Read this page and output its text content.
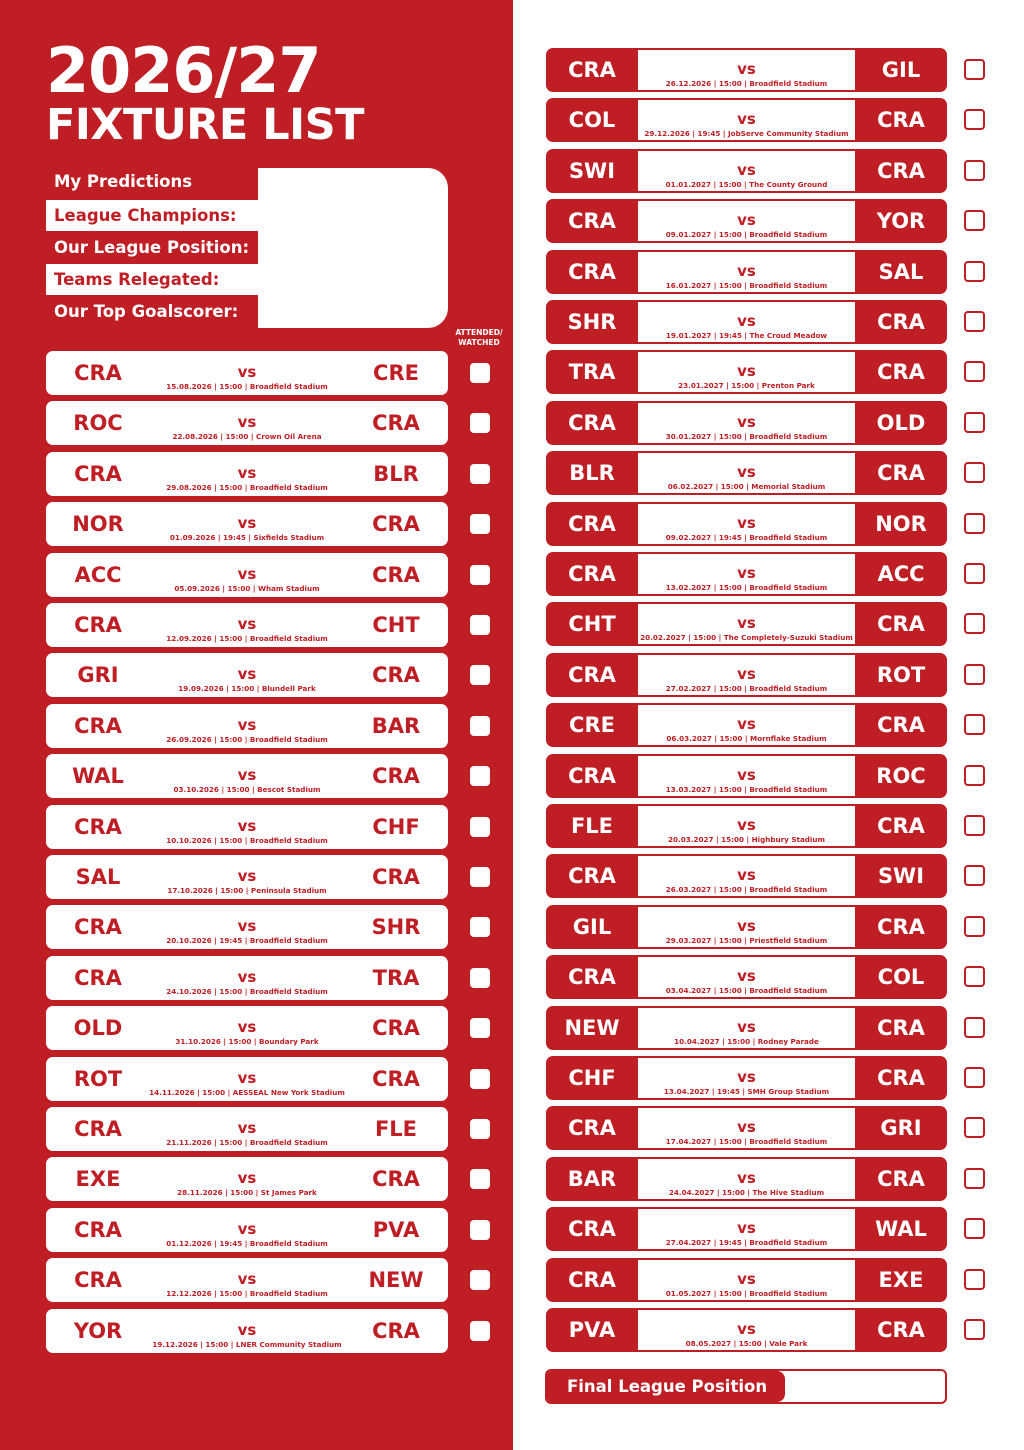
2026/27
FIXTURE LIST
My Predictions
League Champions:
Our League Position:
Teams Relegated:
Our Top Goalscorer:
ATTENDED/ WATCHED
CRA	vs
15.08.2026 | 15:00 | Broadfield Stadium
CRE
ROC	vs
22.08.2026 | 15:00 | Crown Oil Arena
CRA
CRA	vs
29.08.2026 | 15:00 | Broadfield Stadium
BLR
NOR	vs
01.09.2026 | 19:45 | Sixfields Stadium
CRA
ACC	vs
05.09.2026 | 15:00 | Wham Stadium
CRA
CRA	vs
12.09.2026 | 15:00 | Broadfield Stadium
CHT
GRI	vs
19.09.2026 | 15:00 | Blundell Park
CRA
CRA	vs
26.09.2026 | 15:00 | Broadfield Stadium
BAR
WAL	vs
03.10.2026 | 15:00 | Bescot Stadium
CRA
CRA	vs
10.10.2026 | 15:00 | Broadfield Stadium
CHF
SAL	vs
17.10.2026 | 15:00 | Peninsula Stadium
CRA
CRA	vs
20.10.2026 | 19:45 | Broadfield Stadium
SHR
CRA	vs
24.10.2026 | 15:00 | Broadfield Stadium
TRA
OLD	vs
31.10.2026 | 15:00 | Boundary Park
CRA
ROT	vs
14.11.2026 | 15:00 | AESSEAL New York Stadium
CRA
CRA	vs
21.11.2026 | 15:00 | Broadfield Stadium
FLE
EXE	vs
28.11.2026 | 15:00 | St James Park
CRA
CRA	vs
01.12.2026 | 19:45 | Broadfield Stadium
PVA
CRA	vs
12.12.2026 | 15:00 | Broadfield Stadium
NEW
YOR	vs
19.12.2026 | 15:00 | LNER Community Stadium
CRA
CRA	vs
26.12.2026 | 15:00 | Broadfield Stadium
GIL
COL	vs
29.12.2026 | 19:45 | JobServe Community Stadium
CRA
SWI	vs
01.01.2027 | 15:00 | The County Ground
CRA
CRA	vs
09.01.2027 | 15:00 | Broadfield Stadium
YOR
CRA	vs
16.01.2027 | 15:00 | Broadfield Stadium
SAL
SHR	vs
19.01.2027 | 19:45 | The Croud Meadow
CRA
TRA	vs
23.01.2027 | 15:00 | Prenton Park
CRA
CRA	vs
30.01.2027 | 15:00 | Broadfield Stadium
OLD
BLR	vs
06.02.2027 | 15:00 | Memorial Stadium
CRA
CRA	vs
09.02.2027 | 19:45 | Broadfield Stadium
NOR
CRA	vs
13.02.2027 | 15:00 | Broadfield Stadium
ACC
CHT	vs
20.02.2027 | 15:00 | The Completely-Suzuki Stadium
CRA
CRA	vs
27.02.2027 | 15:00 | Broadfield Stadium
ROT
CRE	vs
06.03.2027 | 15:00 | Mornflake Stadium
CRA
CRA	vs
13.03.2027 | 15:00 | Broadfield Stadium
ROC
FLE	vs
20.03.2027 | 15:00 | Highbury Stadium
CRA
CRA	vs
26.03.2027 | 15:00 | Broadfield Stadium
SWI
GIL	vs
29.03.2027 | 15:00 | Priestfield Stadium
CRA
CRA	vs
03.04.2027 | 15:00 | Broadfield Stadium
COL
NEW	vs
10.04.2027 | 15:00 | Rodney Parade
CRA
CHF	vs
13.04.2027 | 19:45 | SMH Group Stadium
CRA
CRA	vs
17.04.2027 | 15:00 | Broadfield Stadium
GRI
BAR	vs
24.04.2027 | 15:00 | The Hive Stadium
CRA
CRA	vs
27.04.2027 | 19:45 | Broadfield Stadium
WAL
CRA	vs
01.05.2027 | 15:00 | Broadfield Stadium
EXE
PVA	vs
08.05.2027 | 15:00 | Vale Park
CRA
Final League Position
